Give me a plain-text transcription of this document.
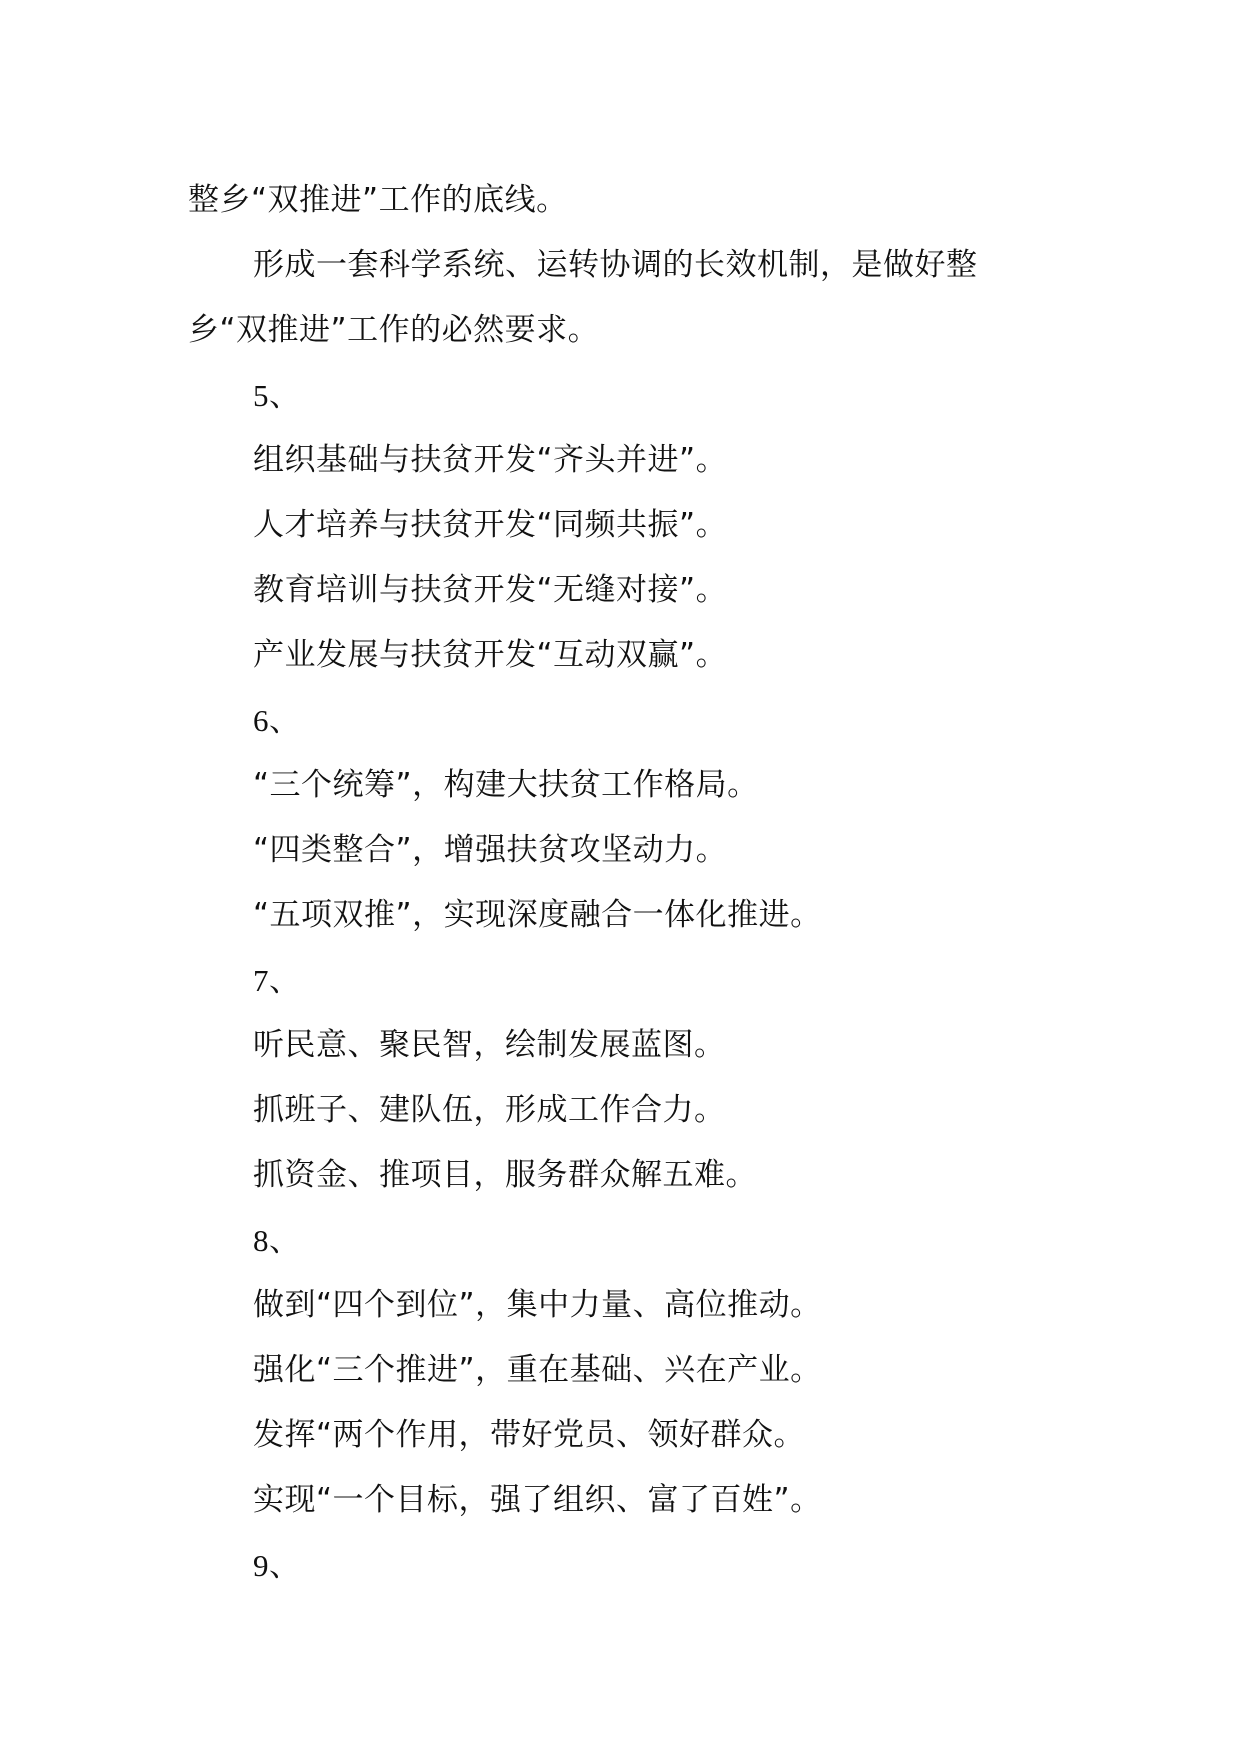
整乡“双推进”工作的底线。
形成一套科学系统、运转协调的长效机制，是做好整
乡“双推进”工作的必然要求。
5、
组织基础与扶贫开发“齐头并进”。
人才培养与扶贫开发“同频共振”。
教育培训与扶贫开发“无缝对接”。
产业发展与扶贫开发“互动双赢”。
6、
“三个统筹”，构建大扶贫工作格局。
“四类整合”，增强扶贫攻坚动力。
“五项双推”，实现深度融合一体化推进。
7、
听民意、聚民智，绘制发展蓝图。
抓班子、建队伍，形成工作合力。
抓资金、推项目，服务群众解五难。
8、
做到“四个到位”，集中力量、高位推动。
强化“三个推进”，重在基础、兴在产业。
发挥“两个作用，带好党员、领好群众。
实现“一个目标，强了组织、富了百姓”。
9、
